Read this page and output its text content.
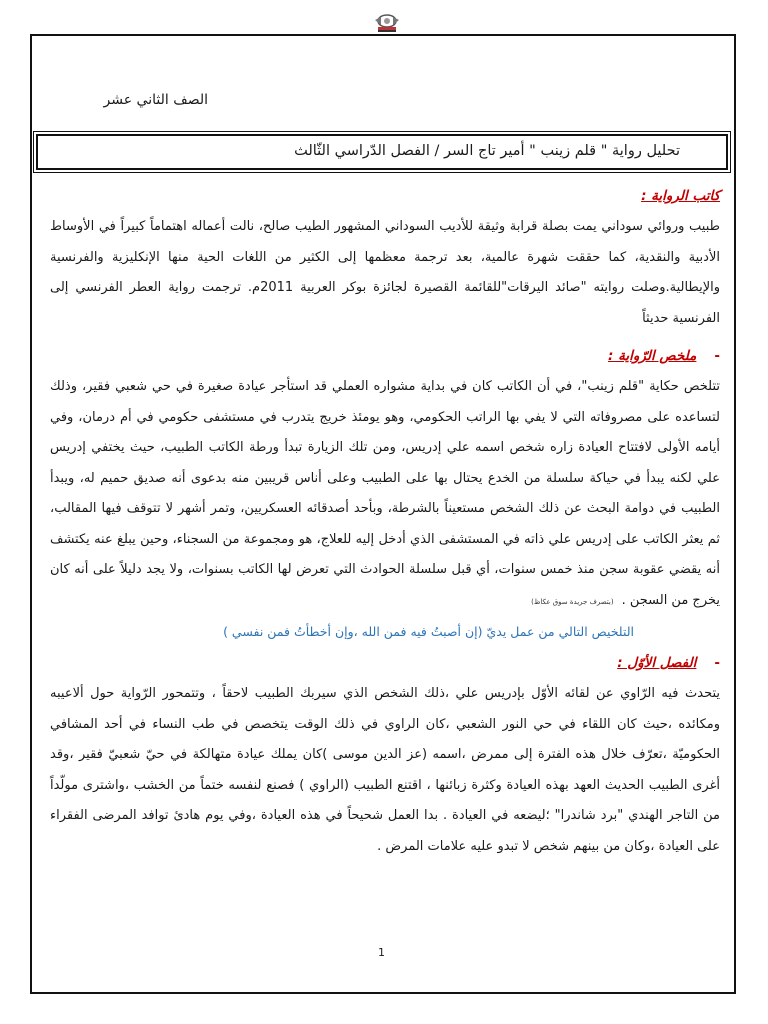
الصف الثاني عشر
تحليل رواية " قلم زينب " أمير تاج السر / الفصل الدّراسي الثّالث
كاتب الرواية :

طبيب وروائي سوداني يمت بصلة قرابة وثيقة للأديب السوداني المشهور الطيب صالح، نالت أعماله اهتماماً كبيراً في الأوساط الأدبية والنقدية، كما حققت شهرة عالمية، بعد ترجمة معظمها إلى الكثير من اللغات الحية منها الإنكليزية والفرنسية والإيطالية.وصلت روايته "صائد اليرقات"للقائمة القصيرة لجائزة بوكر العربية 2011م. ترجمت رواية العطر الفرنسي إلى الفرنسية حديثاً

-ملخص الرّواية :

تتلخص حكاية "قلم زينب"، في أن الكاتب كان في بداية مشواره العملي قد استأجر عيادة صغيرة في حي شعبي فقير، وذلك لتساعده على مصروفاته التي لا يفي بها الراتب الحكومي، وهو يومئذ خريج يتدرب في مستشفى حكومي في أم درمان، وفي أيامه الأولى لافتتاح العيادة زاره شخص اسمه علي إدريس، ومن تلك الزيارة تبدأ ورطة الكاتب الطبيب، حيث يختفي إدريس علي لكنه يبدأ في حياكة سلسلة من الخدع يحتال بها على الطبيب وعلى أناس قريبين منه بدعوى أنه صديق حميم له، ويبدأ الطبيب في دوامة البحث عن ذلك الشخص مستعيناً بالشرطة، وبأحد أصدقائه العسكريين، وتمر أشهر لا تتوقف فيها المقالب، ثم يعثر الكاتب على إدريس علي ذاته في المستشفى الذي أدخل إليه للعلاج، هو ومجموعة من السجناء، وحين يبلغ عنه يكتشف أنه يقضي عقوبة سجن منذ خمس سنوات، أي قبل سلسلة الحوادث التي تعرض لها الكاتب بسنوات، ولا يجد دليلاً على أنه كان يخرج من السجن .(بتصرف جريدة سوق عكاظ)

التلخيص التالي من عمل يديّ (إن أصبتُ فيه فمن الله ،وإن أخطأتُ فمن نفسي )

-الفصل الأوّل :

يتحدث فيه الرّاوي عن لقائه الأوّل بإدريس علي ،ذلك الشخص الذي سيربك الطبيب لاحقاً ، وتتمحور الرّواية حول ألاعيبه ومكائده ،حيث كان اللقاء في حي النور الشعبي ،كان الراوي في ذلك الوقت يتخصص في طب النساء في أحد المشافي الحكوميّة ،تعرّف خلال هذه الفترة إلى ممرض ،اسمه (عز الدين موسى )كان يملك عيادة متهالكة في حيّ شعبيّ فقير ،وقد أغرى الطبيب الحديث العهد بهذه العيادة وكثرة زبائنها ، اقتنع الطبيب (الراوي ) فصنع لنفسه ختماً من الخشب ،واشترى مولّداً من التاجر الهندي "برد شاندرا" ؛ليضعه في العيادة . بدا العمل شحيحاً في هذه العيادة ،وفي يوم هادئ توافد المرضى الفقراء على العيادة ،وكان من بينهم شخص لا تبدو عليه علامات المرض .

1
